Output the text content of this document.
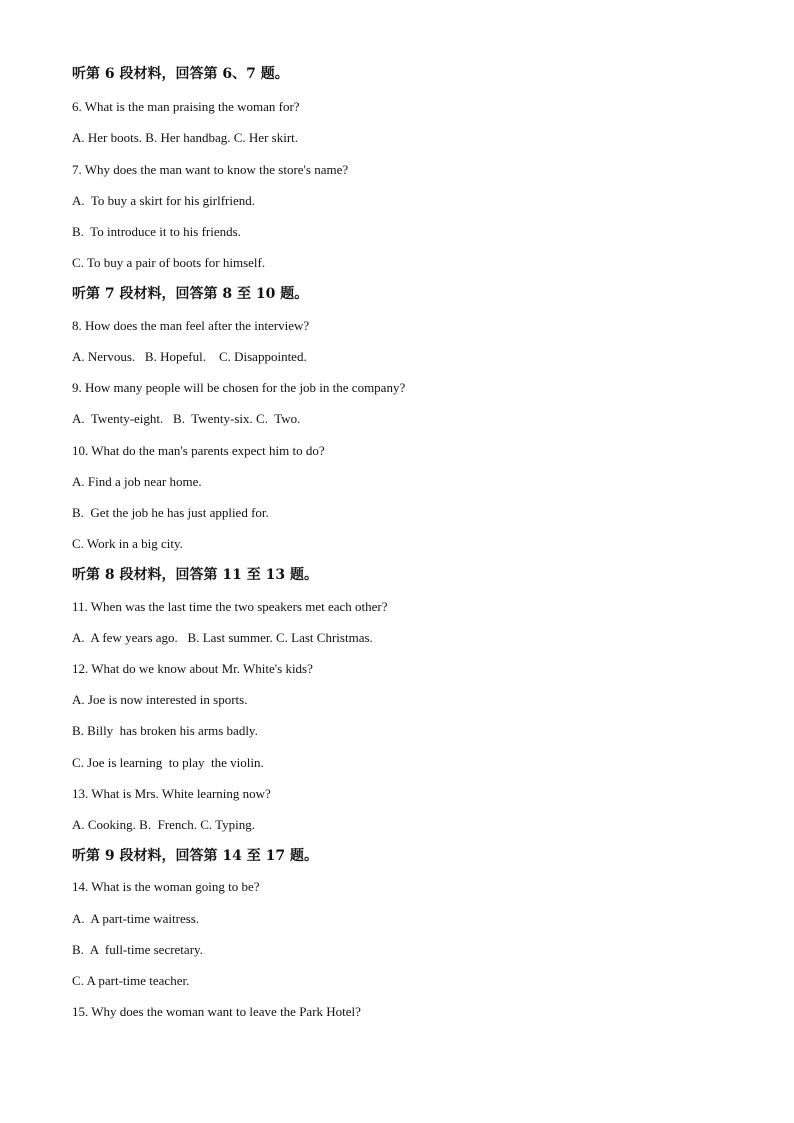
听第 6 段材料，回答第 6、7 题。
6. What is the man praising the woman for?
A. Her boots. B. Her handbag. C. Her skirt.
7. Why does the man want to know the store's name?
A.  To buy a skirt for his girlfriend.
B.  To introduce it to his friends.
C. To buy a pair of boots for himself.
听第 7 段材料，回答第 8 至 10 题。
8. How does the man feel after the interview?
A. Nervous.   B. Hopeful.    C. Disappointed.
9. How many people will be chosen for the job in the company?
A.  Twenty-eight.   B.  Twenty-six. C.  Two.
10. What do the man's parents expect him to do?
A. Find a job near home.
B.  Get the job he has just applied for.
C. Work in a big city.
听第 8 段材料，回答第 11 至 13 题。
11. When was the last time the two speakers met each other?
A.  A few years ago.   B. Last summer. C. Last Christmas.
12. What do we know about Mr. White's kids?
A. Joe is now interested in sports.
B. Billy  has broken his arms badly.
C. Joe is learning  to play  the violin.
13. What is Mrs. White learning now?
A. Cooking. B.  French. C. Typing.
听第 9 段材料，回答第 14 至 17 题。
14. What is the woman going to be?
A.  A part-time waitress.
B.  A  full-time secretary.
C. A part-time teacher.
15. Why does the woman want to leave the Park Hotel?
